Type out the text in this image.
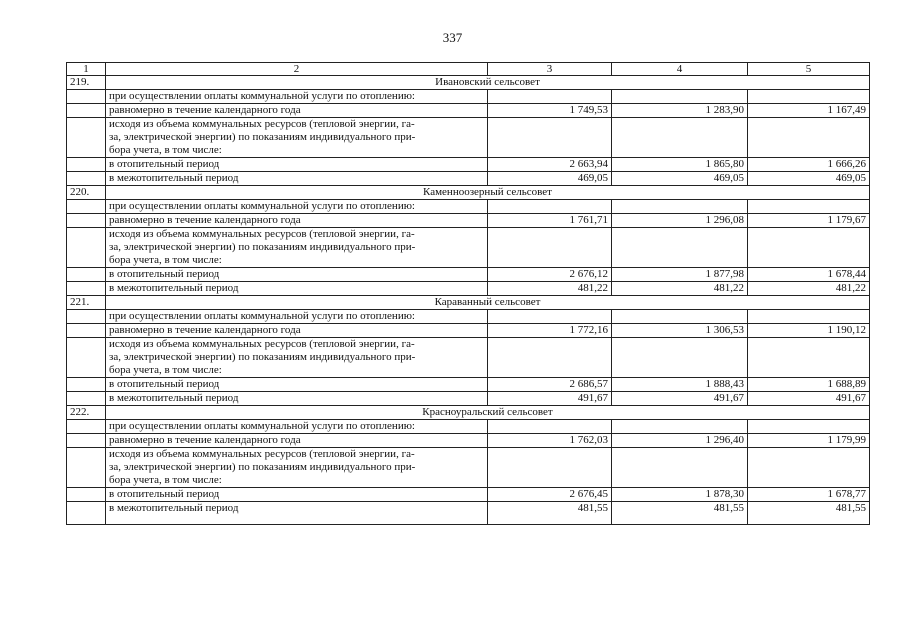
337
1	2	3	4	5
219.	Ивановский сельсовет			
	при осуществлении оплаты коммунальной услуги по отоплению:			
	равномерно в течение календарного года	1 749,53	1 283,90	1 167,49

	исходя из объема коммунальных ресурсов (тепловой энергии, га-
за, электрической энергии) по показаниям индивидуального при-
бора учета, в том числе:			

	в отопительный период	2 663,94	1 865,80	1 666,26
	в межотопительный период	469,05	469,05	469,05
220.	Каменноозерный сельсовет			
	при осуществлении оплаты коммунальной услуги по отоплению:			
	равномерно в течение календарного года	1 761,71	1 296,08	1 179,67

	исходя из объема коммунальных ресурсов (тепловой энергии, га-
за, электрической энергии) по показаниям индивидуального при-
бора учета, в том числе:			

	в отопительный период	2 676,12	1 877,98	1 678,44
	в межотопительный период	481,22	481,22	481,22
221.	Караванный сельсовет			
	при осуществлении оплаты коммунальной услуги по отоплению:			
	равномерно в течение календарного года	1 772,16	1 306,53	1 190,12

	исходя из объема коммунальных ресурсов (тепловой энергии, га-
за, электрической энергии) по показаниям индивидуального при-
бора учета, в том числе:			

	в отопительный период	2 686,57	1 888,43	1 688,89
	в межотопительный период	491,67	491,67	491,67
222.	Красноуральский сельсовет			
	при осуществлении оплаты коммунальной услуги по отоплению:			
	равномерно в течение календарного года	1 762,03	1 296,40	1 179,99

	исходя из объема коммунальных ресурсов (тепловой энергии, га-
за, электрической энергии) по показаниям индивидуального при-
бора учета, в том числе:			

	в отопительный период	2 676,45	1 878,30	1 678,77
	в межотопительный период	481,55	481,55	481,55
